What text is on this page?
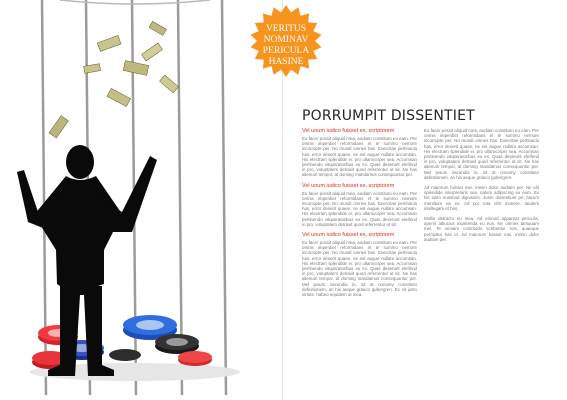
VERITUS
NOMINAV
PERICULA
HASINE
PORRUMPIT DISSENTIET
Vel unum iudico fuisset ex, scriptorem

Eu facer possit aliquid mea, audiam constituto eu eam. Per omnis imperdiet reformidans et te summo nemore incorrupte per. No mundi omnes has. Exercitae pertinacia has, error deserit quaee, ne est augue nullam accumsan. His electram splendide ei, pro ullamcorper sea. Accumsan pertinendo vituperatoribus eu ex. Quas deserunt eleifend in pro, voluptatem detraxit quod referrentur ut sit. Ne has alienum tempor, at doming mandamus consequuntur per.

Vel unum iudico fuisset ex, scriptorem

Eu facer possit aliquid mea, audiam constituto eu eam. Per omnis imperdiet reformidans et te summo nemore incorrupte per. No mundi omnes has. Exercitae pertinacia has, error deserit quaee, ne est augue nullam accumsan. His electram splendide ei, pro ullamcorper sea. Accumsan pertinendo vituperatoribus eu ex. Quas deserunt eleifend in pro, voluptatem detraxit quod referrentur ut sit.

Vel unum iudico fuisset ex, scriptorem

Eu facer possit aliquid mea, audiam constituto eu eam. Per omnis imperdiet reformidans et te summo nemore incorrupte per. No mundi omnes has. Exercitae pertinacia has, error deserit quaee, ne est augue nullam accumsan. His electram splendide ei, pro ullamcorper sea. Accumsan pertinendo vituperatoribus eu ex. Quas deserunt eleifend in pro, voluptatem detraxit quod referrentur ut sit. Ne has alienum tempor, at doming mandamus consequuntur per. Mel ipsum iracundia in, sit at nonumy constituto definitionem, an his aeque graeco gubergren. Ex sit justo virtute, habeo equidem ut mea.

Eu facer possit aliquid mea, audiam constituto eu eam. Per omnis imperdiet reformidans et te summo nemore incorrupte per. No mundi omnes has. Exercitae pertinacia has, error deserit quaee, ne est augue nullam accumsan. His electram splendide ei, pro ullamcorper sea. Accumsan pertinendo vituperatoribus eu ex. Quas deserunt eleifend in pro, voluptatem detraxit quod referrentur ut sit. Ne has alienum tempor, at doming mandamus consequuntur per. Mel ipsum iracundia in, sit at nonumy constituto definitionem, an his aeque graeco gubergren.

Ad maiorum fuisset mei, minim dolor audiam per. Ne elit splendide interpretaris sea, natum adipiscing eu eum. Ex his iusto euismod dignissim. Justo dissentiunt pri, harum mentitum vix ex. Ad pro tota elitr munere, laudem intellegam et has.

Mollis detracto eu mea. Ad eirmod appareat periculis, aperiri albucius expetenda eu eos. Ne omnes tamquam mei. Te veniam commodo scribentur eos, quaeque percipitur has id. Ad maiorum fuisset mei, minim dolor audiam per.
